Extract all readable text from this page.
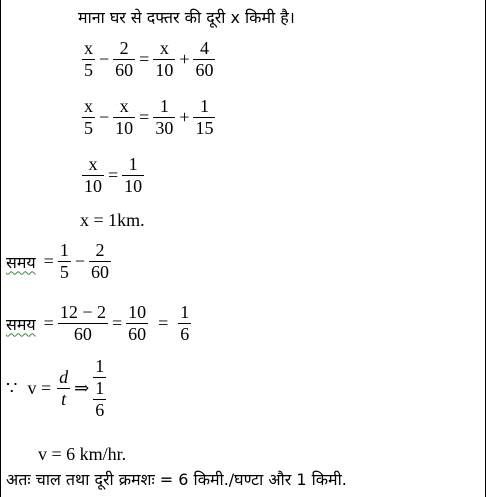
माना घर से दफ्तर की दूरी x किमी है।
$\frac{x}{5} - \frac{2}{60} = \frac{x}{10} + \frac{4}{60}$
$\frac{x}{5} - \frac{x}{10} = \frac{1}{30} + \frac{1}{15}$
$\frac{x}{10} = \frac{1}{10}$
x = 1km.
समय = $\frac{1}{5} - \frac{2}{60}$
समय = $\frac{12 - 2}{60} = \frac{10}{60} = \frac{1}{6}$
∵ $v = \frac{d}{t}$ ⇒ $\frac{1}{\frac{1}{6}}$
v = 6 km/hr.
अतः चाल तथा दूरी क्रमशः = 6 किमी./घण्टा और 1 किमी.
